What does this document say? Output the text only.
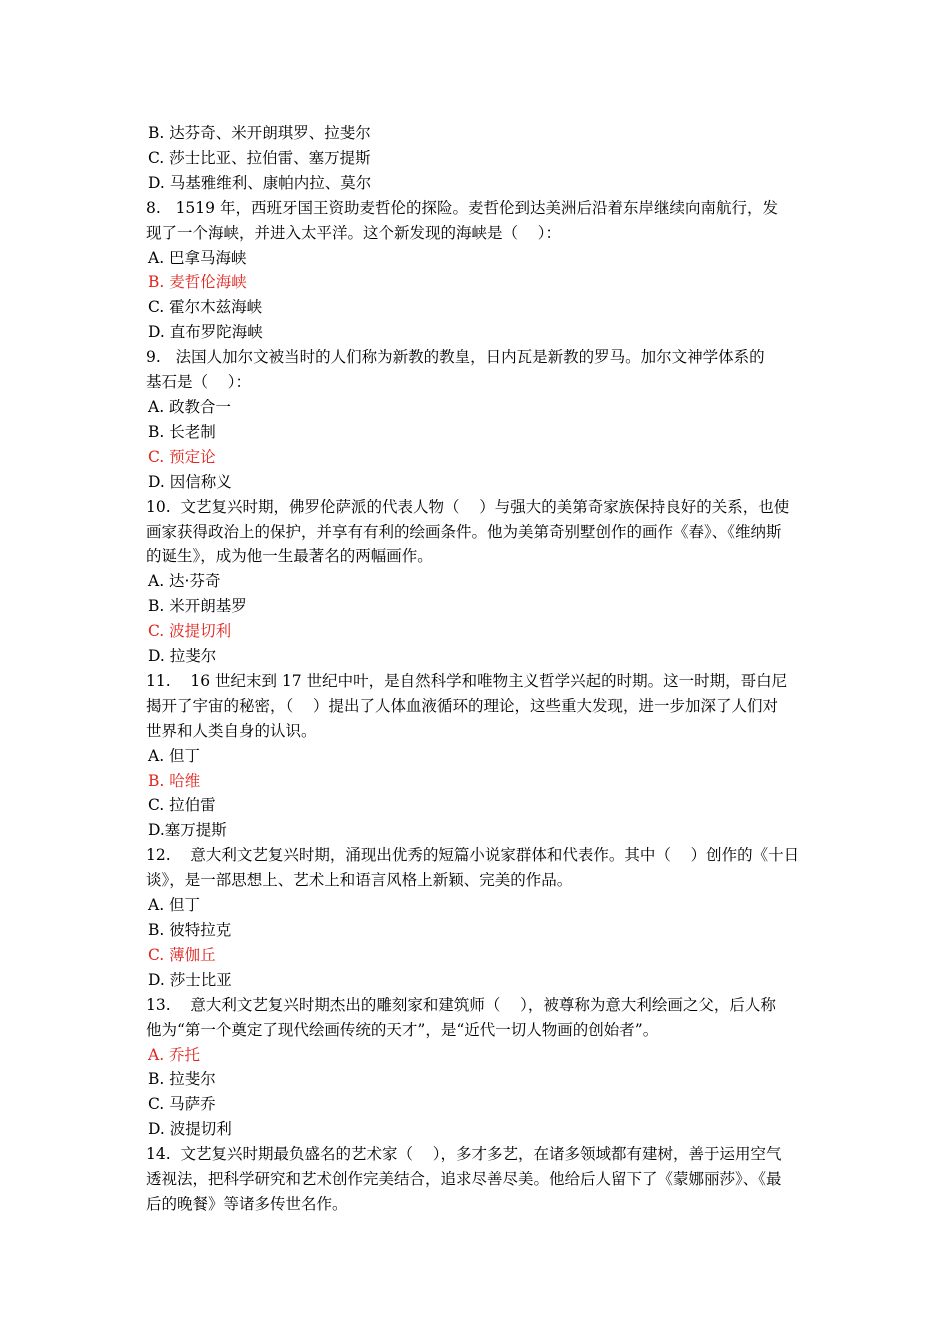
B. 达芬奇、米开朗琪罗、拉斐尔

C. 莎士比亚、拉伯雷、塞万提斯

D. 马基雅维利、康帕内拉、莫尔

8.   1519 年，西班牙国王资助麦哲伦的探险。麦哲伦到达美洲后沿着东岸继续向南航行，发

现了一个海峡，并进入太平洋。这个新发现的海峡是（    ）：

A. 巴拿马海峡

B. 麦哲伦海峡

C. 霍尔木兹海峡

D. 直布罗陀海峡

9.   法国人加尔文被当时的人们称为新教的教皇，日内瓦是新教的罗马。加尔文神学体系的

基石是（    ）：

A. 政教合一

B. 长老制

C. 预定论

D. 因信称义

10.  文艺复兴时期，佛罗伦萨派的代表人物（    ）与强大的美第奇家族保持良好的关系，也使

画家获得政治上的保护，并享有有利的绘画条件。他为美第奇别墅创作的画作《春》、《维纳斯

的诞生》，成为他一生最著名的两幅画作。

A. 达·芬奇

B. 米开朗基罗

C. 波提切利

D. 拉斐尔

11.    16 世纪末到 17 世纪中叶，是自然科学和唯物主义哲学兴起的时期。这一时期，哥白尼

揭开了宇宙的秘密，（    ）提出了人体血液循环的理论，这些重大发现，进一步加深了人们对

世界和人类自身的认识。

A. 但丁

B. 哈维

C. 拉伯雷

D.塞万提斯

12.    意大利文艺复兴时期，涌现出优秀的短篇小说家群体和代表作。其中（    ）创作的《十日

谈》，是一部思想上、艺术上和语言风格上新颖、完美的作品。

A. 但丁

B. 彼特拉克

C. 薄伽丘

D. 莎士比亚

13.    意大利文艺复兴时期杰出的雕刻家和建筑师（    ），被尊称为意大利绘画之父，后人称

他为“第一个奠定了现代绘画传统的天才”，是“近代一切人物画的创始者”。

A. 乔托

B. 拉斐尔

C. 马萨乔

D. 波提切利

14.  文艺复兴时期最负盛名的艺术家（    ），多才多艺，在诸多领域都有建树，善于运用空气

透视法，把科学研究和艺术创作完美结合，追求尽善尽美。他给后人留下了《蒙娜丽莎》、《最

后的晚餐》等诸多传世名作。
